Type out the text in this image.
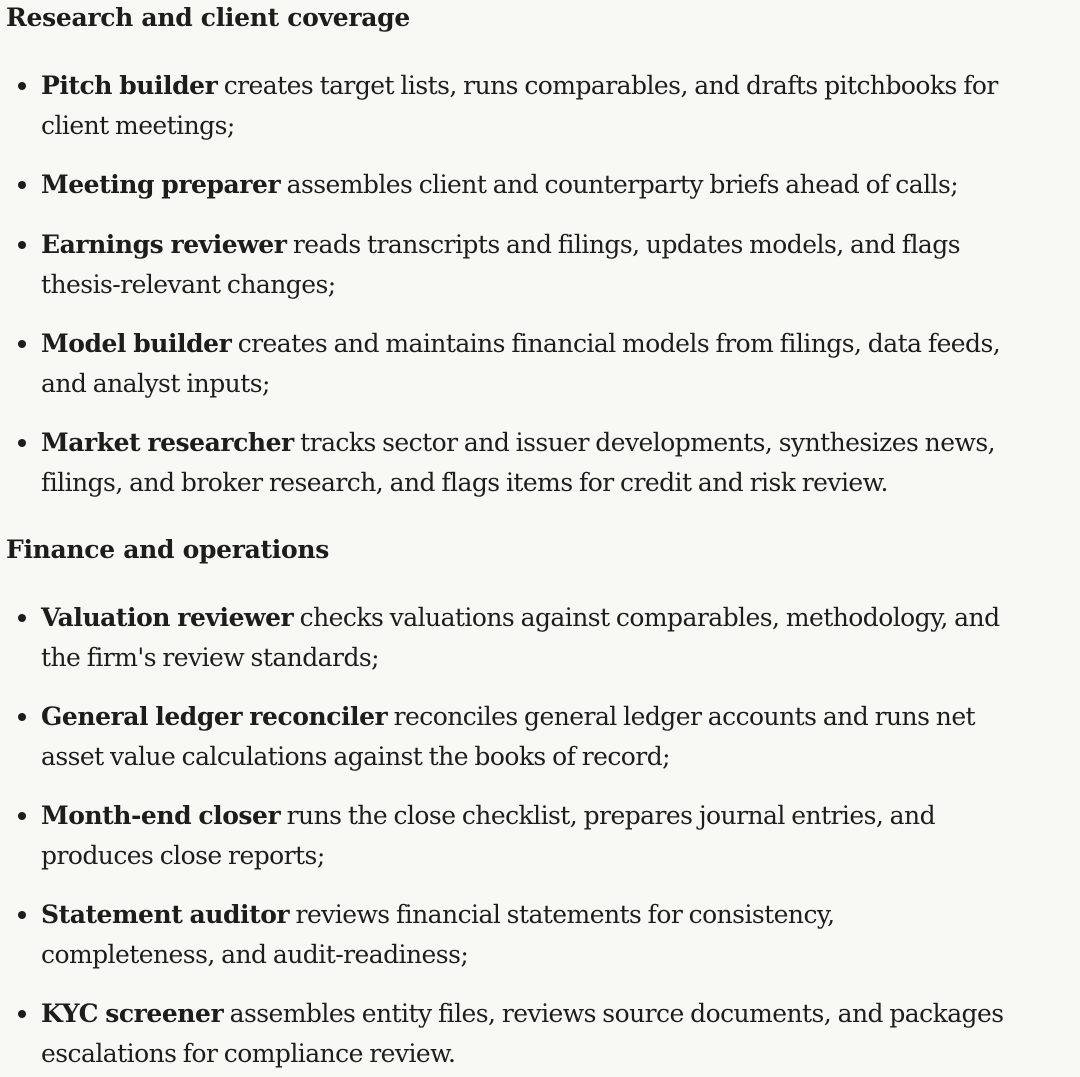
Research and client coverage
Pitch builder creates target lists, runs comparables, and drafts pitchbooks for
client meetings;
Meeting preparer assembles client and counterparty briefs ahead of calls;
Earnings reviewer reads transcripts and filings, updates models, and flags
thesis-relevant changes;
Model builder creates and maintains financial models from filings, data feeds,
and analyst inputs;
Market researcher tracks sector and issuer developments, synthesizes news,
filings, and broker research, and flags items for credit and risk review.
Finance and operations
Valuation reviewer checks valuations against comparables, methodology, and
the firm's review standards;
General ledger reconciler reconciles general ledger accounts and runs net
asset value calculations against the books of record;
Month-end closer runs the close checklist, prepares journal entries, and
produces close reports;
Statement auditor reviews financial statements for consistency,
completeness, and audit-readiness;
KYC screener assembles entity files, reviews source documents, and packages
escalations for compliance review.
